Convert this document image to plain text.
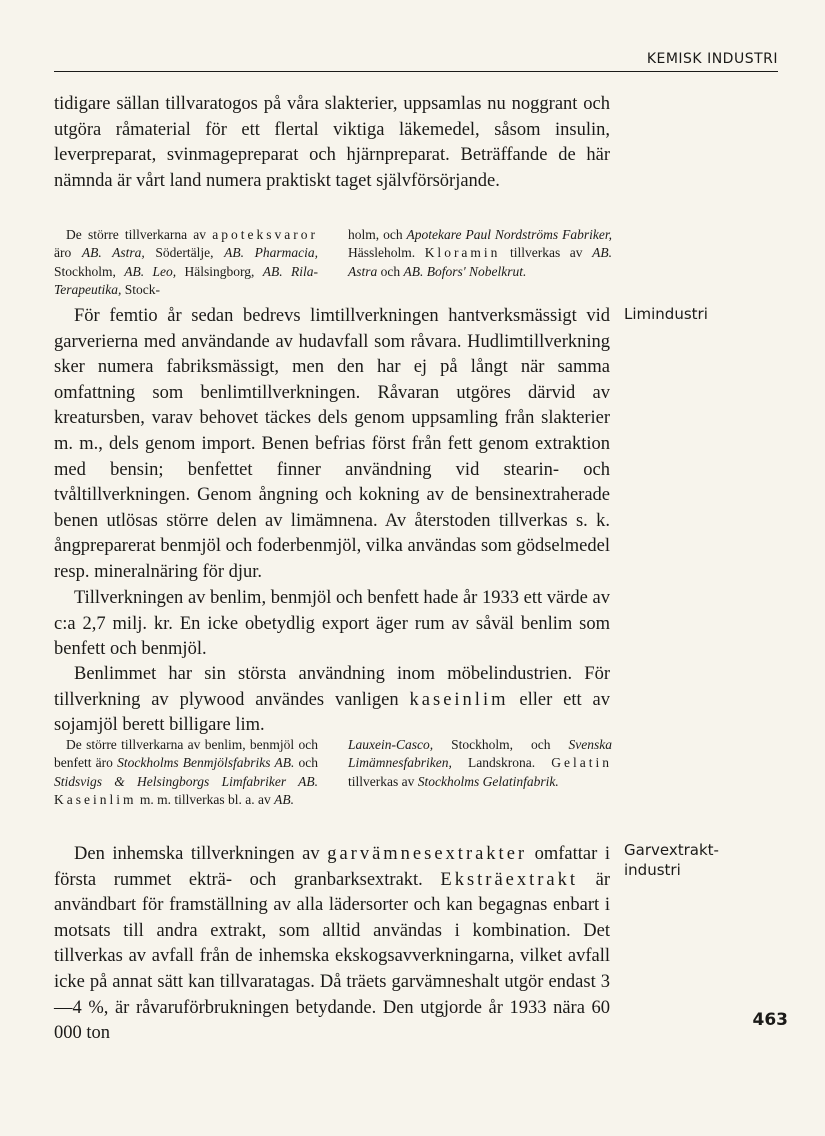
KEMISK INDUSTRI

tidigare sällan tillvaratogos på våra slakterier, uppsamlas nu noggrant och utgöra råmaterial för ett flertal viktiga läkemedel, såsom insulin, leverpreparat, svinmagepreparat och hjärnpreparat. Beträffande de här nämnda är vårt land numera praktiskt taget självförsörjande.

De större tillverkarna av apoteksvaror äro AB. Astra, Södertälje, AB. Pharmacia, Stockholm, AB. Leo, Hälsingborg, AB. Rila-Terapeutika, Stock-

holm, och Apotekare Paul Nordströms Fabriker, Hässleholm. Kloramin tillverkas av AB. Astra och AB. Bofors' Nobelkrut.

Limindustri

För femtio år sedan bedrevs limtillverkningen hantverksmässigt vid garverierna med användande av hudavfall som råvara. Hudlimtillverkning sker numera fabriksmässigt, men den har ej på långt när samma omfattning som benlimtillverkningen. Råvaran utgöres därvid av kreatursben, varav behovet täckes dels genom uppsamling från slakterier m. m., dels genom import. Benen befrias först från fett genom extraktion med bensin; benfettet finner användning vid stearin- och tvåltillverkningen. Genom ångning och kokning av de bensinextraherade benen utlösas större delen av limämnena. Av återstoden tillverkas s. k. ångpreparerat benmjöl och foderbenmjöl, vilka användas som gödselmedel resp. mineralnäring för djur.

Tillverkningen av benlim, benmjöl och benfett hade år 1933 ett värde av c:a 2,7 milj. kr. En icke obetydlig export äger rum av såväl benlim som benfett och benmjöl.

Benlimmet har sin största användning inom möbelindustrien. För tillverkning av plywood användes vanligen kaseinlim eller ett av sojamjöl berett billigare lim.

De större tillverkarna av benlim, benmjöl och benfett äro Stockholms Benmjölsfabriks AB. och Stidsvigs & Helsingborgs Limfabriker AB. Kaseinlim m. m. tillverkas bl. a. av AB.

Lauxein-Casco, Stockholm, och Svenska Limämnesfabriken, Landskrona. Gelatin tillverkas av Stockholms Gelatinfabrik.

Garvextrakt-
industri

Den inhemska tillverkningen av garvämnesextrakter omfattar i första rummet ekträ- och granbarksextrakt. Eksträextrakt är användbart för framställning av alla lädersorter och kan begagnas enbart i motsats till andra extrakt, som alltid användas i kombination. Det tillverkas av avfall från de inhemska ekskogsavverkningarna, vilket avfall icke på annat sätt kan tillvaratagas. Då träets garvämneshalt utgör endast 3—4 %, är råvaruförbrukningen betydande. Den utgjorde år 1933 nära 60 000 ton

463
